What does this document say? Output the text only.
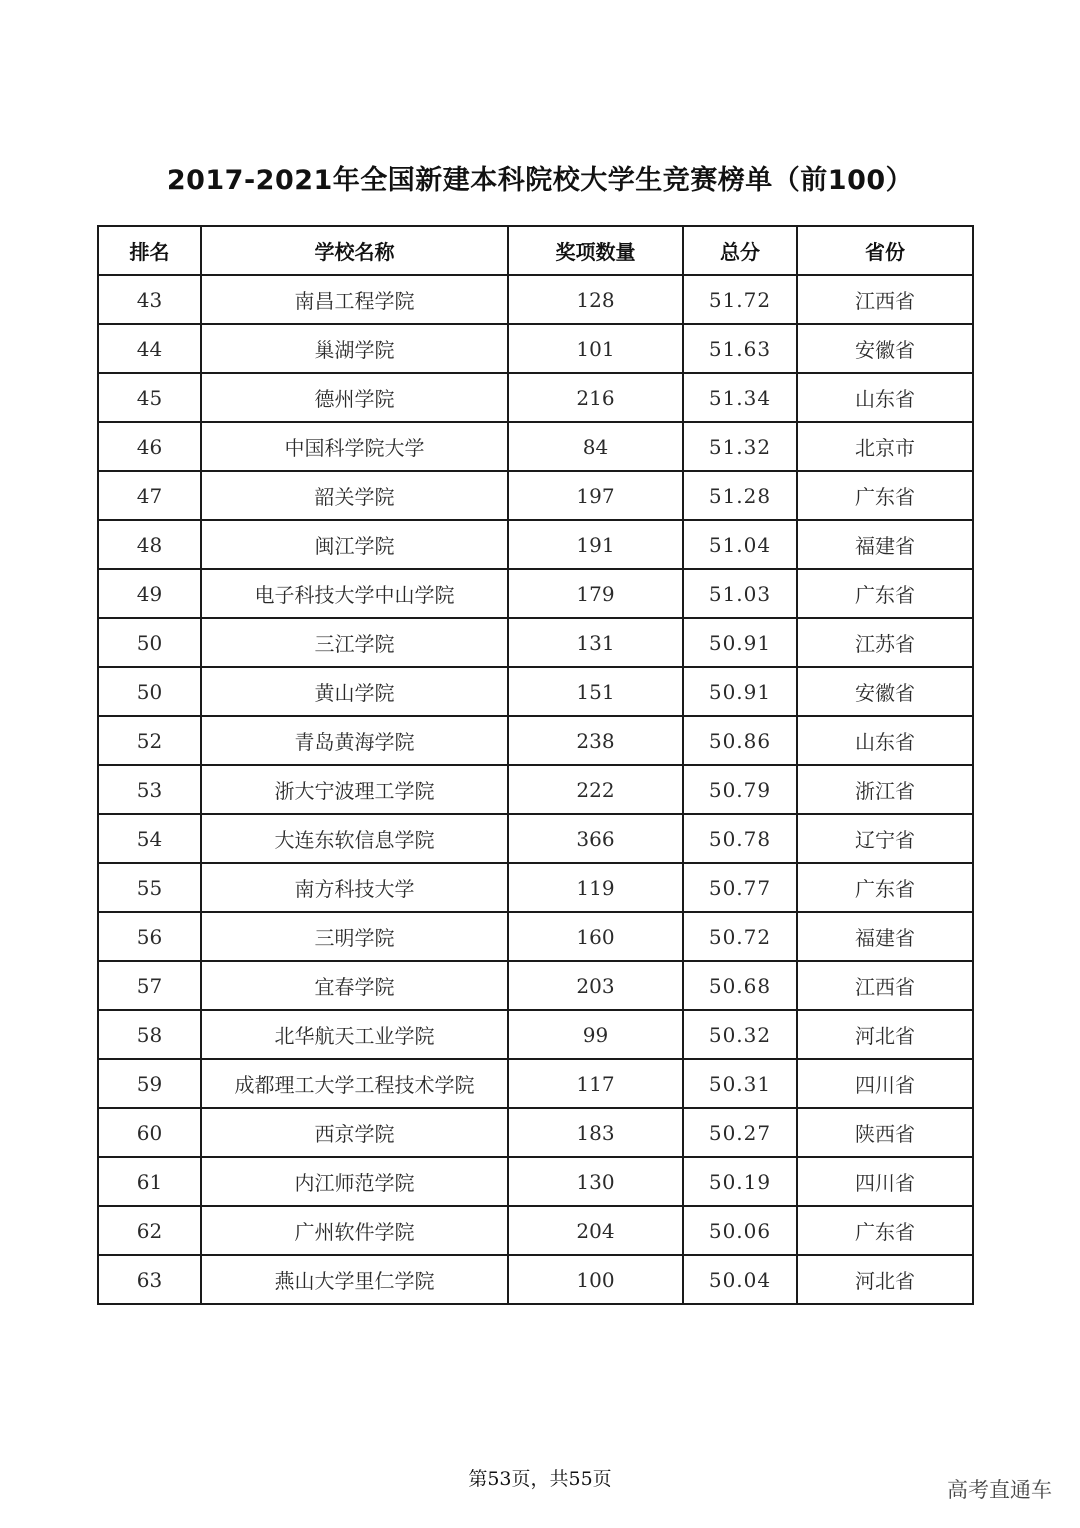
2017-2021年全国新建本科院校大学生竞赛榜单（前100）
排名	学校名称	奖项数量	总分	省份
43	南昌工程学院	128	51.72	江西省
44	巢湖学院	101	51.63	安徽省
45	德州学院	216	51.34	山东省
46	中国科学院大学	84	51.32	北京市
47	韶关学院	197	51.28	广东省
48	闽江学院	191	51.04	福建省
49	电子科技大学中山学院	179	51.03	广东省
50	三江学院	131	50.91	江苏省
50	黄山学院	151	50.91	安徽省
52	青岛黄海学院	238	50.86	山东省
53	浙大宁波理工学院	222	50.79	浙江省
54	大连东软信息学院	366	50.78	辽宁省
55	南方科技大学	119	50.77	广东省
56	三明学院	160	50.72	福建省
57	宜春学院	203	50.68	江西省
58	北华航天工业学院	99	50.32	河北省
59	成都理工大学工程技术学院	117	50.31	四川省
60	西京学院	183	50.27	陕西省
61	内江师范学院	130	50.19	四川省
62	广州软件学院	204	50.06	广东省
63	燕山大学里仁学院	100	50.04	河北省
第53页，共55页	高考直通车
